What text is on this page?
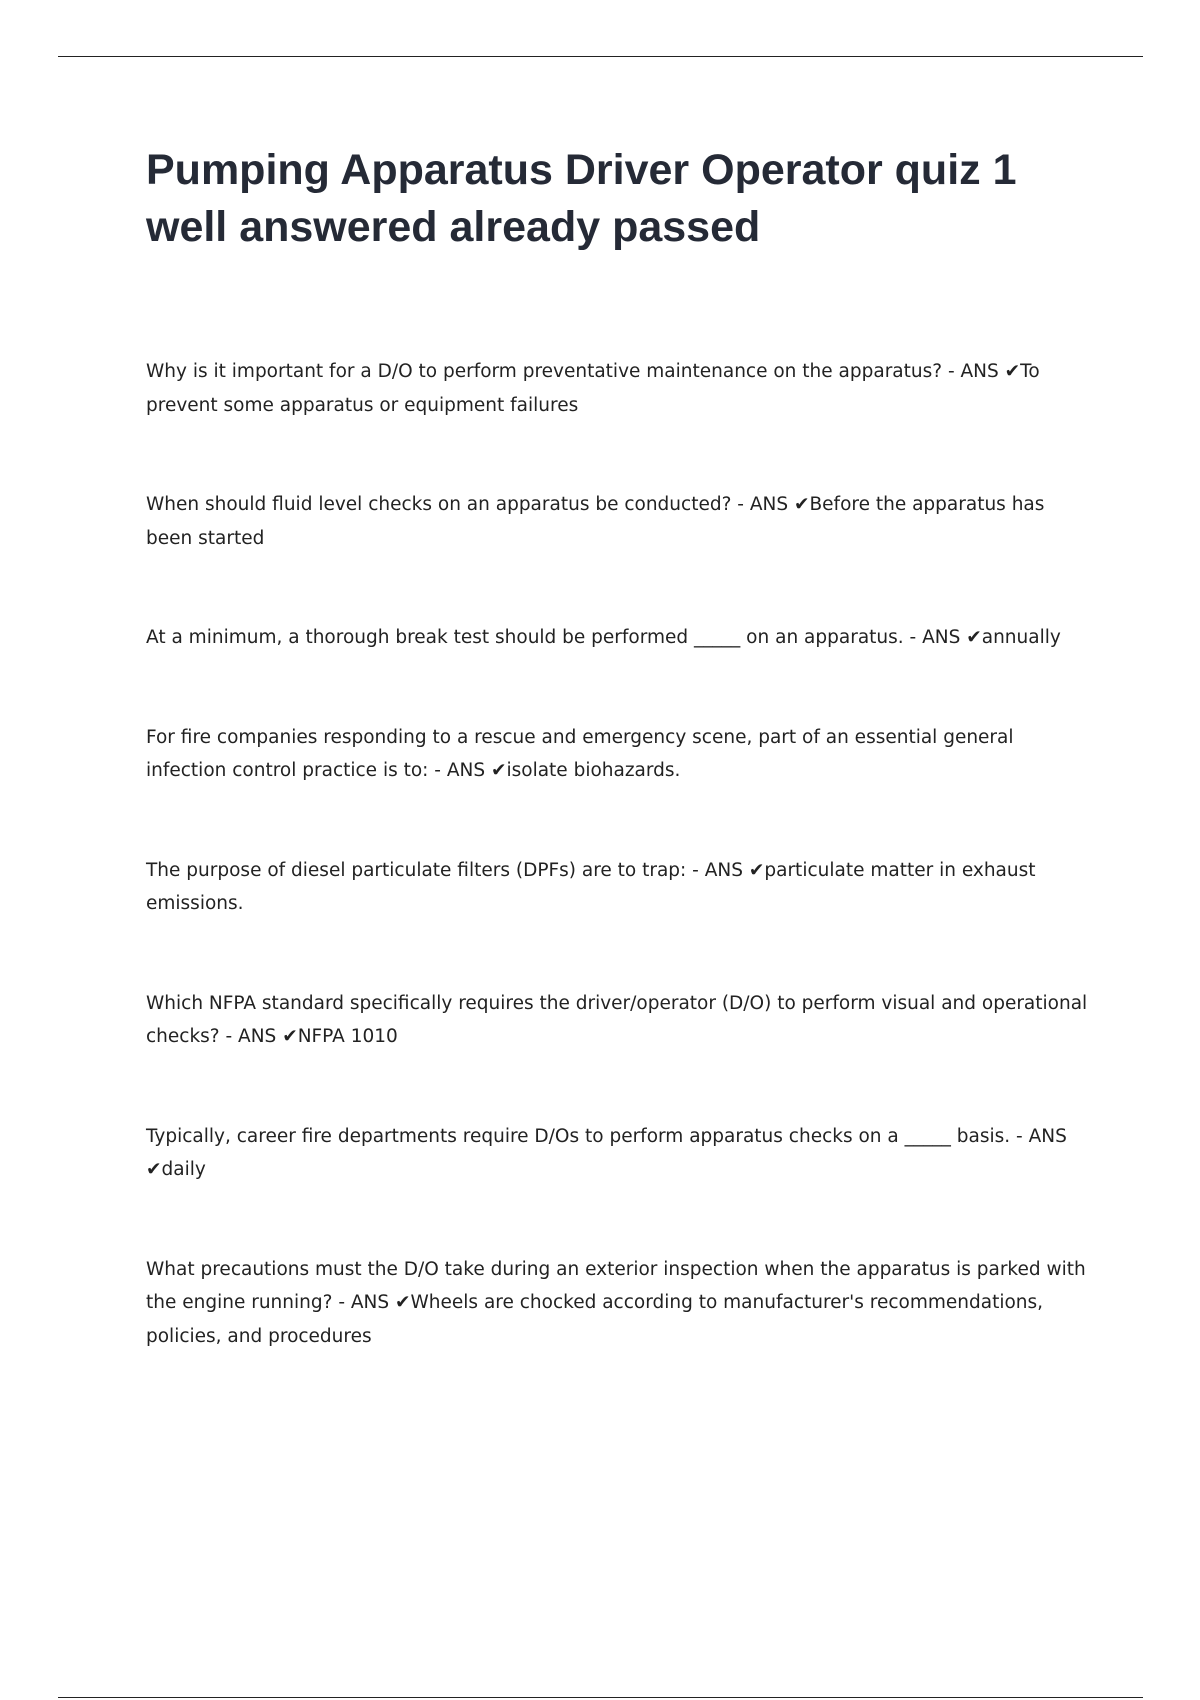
Pumping Apparatus Driver Operator quiz 1 well answered already passed

Why is it important for a D/O to perform preventative maintenance on the apparatus? - ANS ✔To prevent some apparatus or equipment failures

When should fluid level checks on an apparatus be conducted? - ANS ✔Before the apparatus has been started

At a minimum, a thorough break test should be performed _____ on an apparatus. - ANS ✔annually

For fire companies responding to a rescue and emergency scene, part of an essential general infection control practice is to: - ANS ✔isolate biohazards.

The purpose of diesel particulate filters (DPFs) are to trap: - ANS ✔particulate matter in exhaust emissions.

Which NFPA standard specifically requires the driver/operator (D/O) to perform visual and operational checks? - ANS ✔NFPA 1010

Typically, career fire departments require D/Os to perform apparatus checks on a _____ basis. - ANS ✔daily

What precautions must the D/O take during an exterior inspection when the apparatus is parked with the engine running? - ANS ✔Wheels are chocked according to manufacturer's recommendations, policies, and procedures
